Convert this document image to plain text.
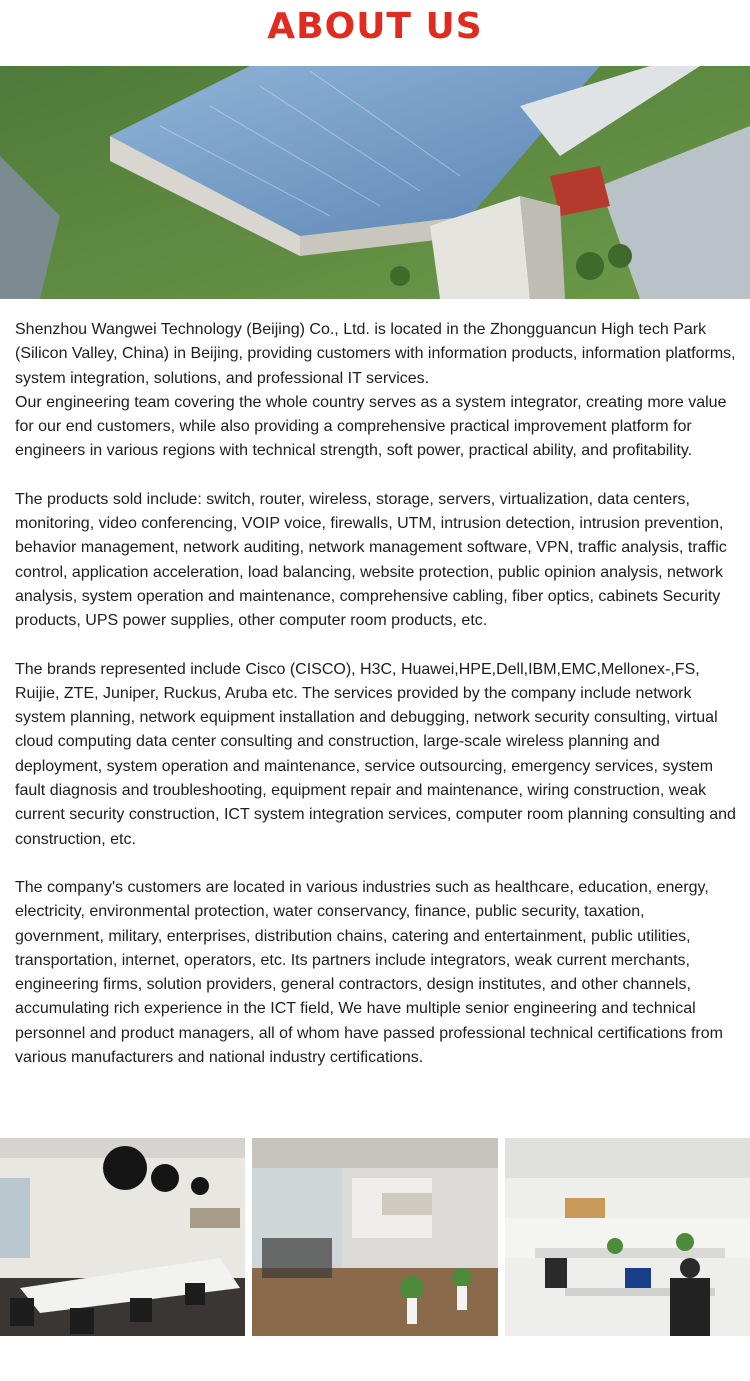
ABOUT US

Shenzhou Wangwei Technology (Beijing) Co., Ltd. is located in the Zhongguancun High tech Park (Silicon Valley, China) in Beijing, providing customers with information products, information platforms, system integration, solutions, and professional IT services.

Our engineering team covering the whole country serves as a system integrator, creating more value for our end customers, while also providing a comprehensive practical improvement platform for engineers in various regions with technical strength, soft power, practical ability, and profitability.

The products sold include: switch, router, wireless, storage, servers, virtualization, data centers, monitoring, video conferencing, VOIP voice, firewalls, UTM, intrusion detection, intrusion prevention, behavior management, network auditing, network management software, VPN, traffic analysis, traffic control, application acceleration, load balancing, website protection, public opinion analysis, network analysis, system operation and maintenance, comprehensive cabling, fiber optics, cabinets Security products, UPS power supplies, other computer room products, etc.

The brands represented include Cisco (CISCO), H3C, Huawei,HPE,Dell,IBM,EMC,Mellonex-,FS, Ruijie, ZTE, Juniper, Ruckus, Aruba etc. The services provided by the company include network system planning, network equipment installation and debugging, network security consulting, virtual cloud computing data center consulting and construction, large-scale wireless planning and deployment, system operation and maintenance, service outsourcing, emergency services, system fault diagnosis and troubleshooting, equipment repair and maintenance, wiring construction, weak current security construction, ICT system integration services, computer room planning consulting and construction, etc.

The company's customers are located in various industries such as healthcare, education, energy, electricity, environmental protection, water conservancy, finance, public security, taxation, government, military, enterprises, distribution chains, catering and entertainment, public utilities, transportation, internet, operators, etc. Its partners include integrators, weak current merchants, engineering firms, solution providers, general contractors, design institutes, and other channels, accumulating rich experience in the ICT field, We have multiple senior engineering and technical personnel and product managers, all of whom have passed professional technical certifications from various manufacturers and national industry certifications.
